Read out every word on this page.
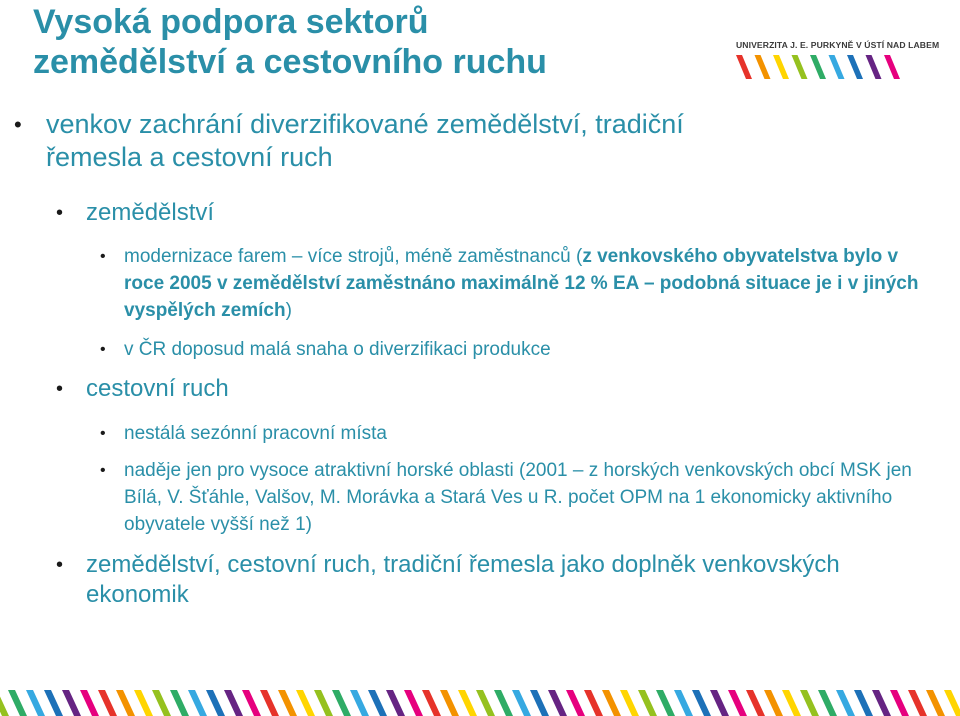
Vysoká podpora sektorů
zemědělství a cestovního ruchu	UNIVERZITA J. E. PURKYNĚ V ÚSTÍ NAD LABEM
• venkov zachrání diverzifikované zemědělství, tradiční
řemesla a cestovní ruch
• zemědělství
• modernizace farem – více strojů, méně zaměstnanců (z venkovského obyvatelstva bylo v roce 2005 v zemědělství zaměstnáno maximálně 12 % EA – podobná situace je i v jiných vyspělých zemích)
• v ČR doposud malá snaha o diverzifikaci produkce
• cestovní ruch
• nestálá sezónní pracovní místa
• naděje jen pro vysoce atraktivní horské oblasti (2001 – z horských venkovských obcí MSK jen Bílá, V. Šťáhle, Valšov, M. Morávka a Stará Ves u R. počet OPM na 1 ekonomicky aktivního obyvatele vyšší než 1)
• zemědělství, cestovní ruch, tradiční řemesla jako doplněk venkovských ekonomik
